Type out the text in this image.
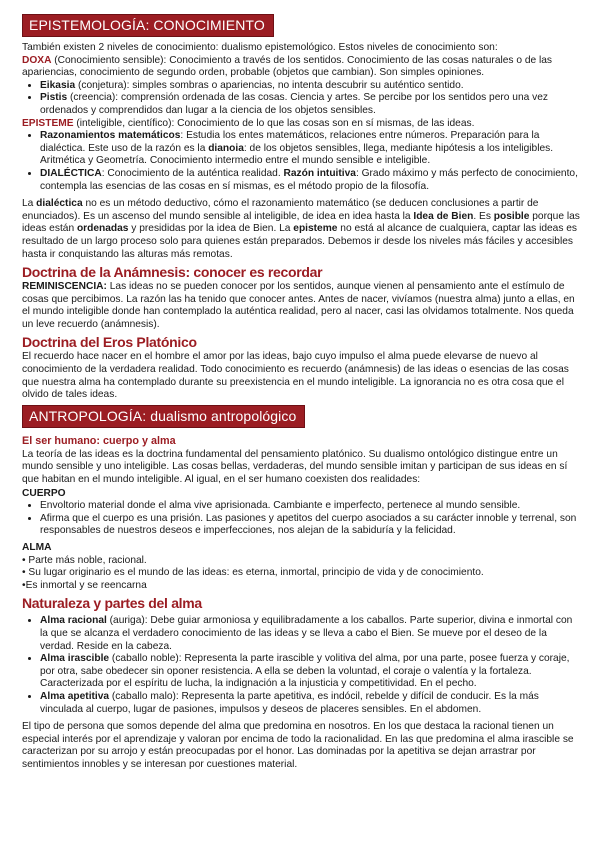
EPISTEMOLOGÍA: CONOCIMIENTO

También existen 2 niveles de conocimiento: dualismo epistemológico. Estos niveles de conocimiento son:

DOXA (Conocimiento sensible): Conocimiento a través de los sentidos. Conocimiento de las cosas naturales o de las apariencias, conocimiento de segundo orden, probable (objetos que cambian). Son simples opiniones.

• Eikasia (conjetura): simples sombras o apariencias, no intenta descubrir su auténtico sentido.
• Pistis (creencia): comprensión ordenada de las cosas. Ciencia y artes. Se percibe por los sentidos pero una vez ordenados y comprendidos dan lugar a la ciencia de los objetos sensibles.

EPISTEME (inteligible, científico): Conocimiento de lo que las cosas son en sí mismas, de las ideas.

• Razonamientos matemáticos: Estudia los entes matemáticos, relaciones entre números. Preparación para la dialéctica. Este uso de la razón es la dianoia: de los objetos sensibles, llega, mediante hipótesis a los inteligibles. Aritmética y Geometría. Conocimiento intermedio entre el mundo sensible e inteligible.
• DIALÉCTICA: Conocimiento de la auténtica realidad. Razón intuitiva: Grado máximo y más perfecto de conocimiento, contempla las esencias de las cosas en sí mismas, es el método propio de la filosofía.

La dialéctica no es un método deductivo, cómo el razonamiento matemático (se deducen conclusiones a partir de enunciados). Es un ascenso del mundo sensible al inteligible, de idea en idea hasta la Idea de Bien. Es posible porque las ideas están ordenadas y presididas por la idea de Bien. La episteme no está al alcance de cualquiera, captar las ideas es resultado de un largo proceso solo para quienes están preparados. Debemos ir desde los niveles más fáciles y accesibles hasta ir conquistando las alturas más remotas.

Doctrina de la Anámnesis: conocer es recordar

REMINISCENCIA: Las ideas no se pueden conocer por los sentidos, aunque vienen al pensamiento ante el estímulo de cosas que percibimos. La razón las ha tenido que conocer antes. Antes de nacer, vivíamos (nuestra alma) junto a ellas, en el mundo inteligible donde han contemplado la auténtica realidad, pero al nacer, casi las olvidamos totalmente. Nos queda un leve recuerdo (anámnesis).

Doctrina del Eros Platónico

El recuerdo hace nacer en el hombre el amor por las ideas, bajo cuyo impulso el alma puede elevarse de nuevo al conocimiento de la verdadera realidad. Todo conocimiento es recuerdo (anámnesis) de las ideas o esencias de las cosas que nuestra alma ha contemplado durante su preexistencia en el mundo inteligible. La ignorancia no es otra cosa que el olvido de tales ideas.

ANTROPOLOGÍA: dualismo antropológico
El ser humano: cuerpo y alma

La teoría de las ideas es la doctrina fundamental del pensamiento platónico. Su dualismo ontológico distingue entre un mundo sensible y uno inteligible. Las cosas bellas, verdaderas, del mundo sensible imitan y participan de sus ideas en sí que habitan en el mundo inteligible. Al igual, en el ser humano coexisten dos realidades:

CUERPO
• Envoltorio material donde el alma vive aprisionada. Cambiante e imperfecto, pertenece al mundo sensible.
• Afirma que el cuerpo es una prisión. Las pasiones y apetitos del cuerpo asociados a su carácter innoble y terrenal, son responsables de nuestros deseos e imperfecciones, nos alejan de la sabiduría y la felicidad.
ALMA

• Parte más noble, racional.

• Su lugar originario es el mundo de las ideas: es eterna, inmortal, principio de vida y de conocimiento.

•Es inmortal y se reencarna

Naturaleza y partes del alma
• Alma racional (auriga): Debe guiar armoniosa y equilibradamente a los caballos. Parte superior, divina e inmortal con la que se alcanza el verdadero conocimiento de las ideas y se lleva a cabo el Bien. Se mueve por el deseo de la verdad. Reside en la cabeza.
• Alma irascible (caballo noble): Representa la parte irascible y volitiva del alma, por una parte, posee fuerza y coraje, por otra, sabe obedecer sin oponer resistencia. A ella se deben la voluntad, el coraje o valentía y la fortaleza. Caracterizada por el espíritu de lucha, la indignación a la injusticia y competitividad. En el pecho.
• Alma apetitiva (caballo malo): Representa la parte apetitiva, es indócil, rebelde y difícil de conducir. Es la más vinculada al cuerpo, lugar de pasiones, impulsos y deseos de placeres sensibles. En el abdomen.

El tipo de persona que somos depende del alma que predomina en nosotros. En los que destaca la racional tienen un especial interés por el aprendizaje y valoran por encima de todo la racionalidad. En las que predomina el alma irascible se caracterizan por su arrojo y están preocupadas por el honor. Las dominadas por la apetitiva se dejan arrastrar por sentimientos innobles y se interesan por cuestiones material.
